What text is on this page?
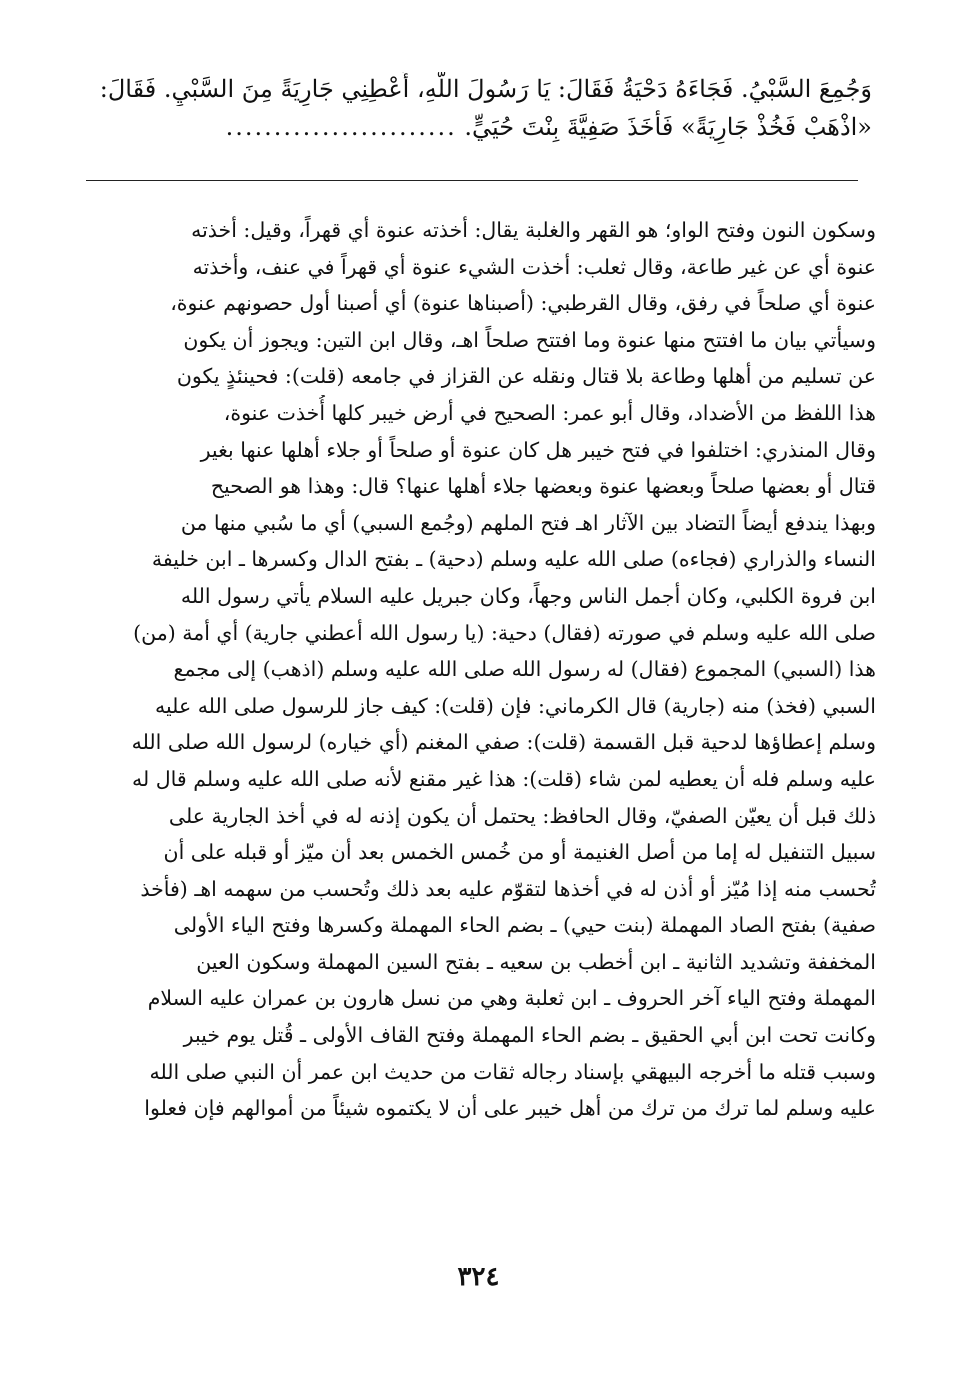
وَجُمِعَ السَّبْيُ. فَجَاءَهُ دَحْيَةُ فَقَالَ: يَا رَسُولَ اللَّهِ، أَعْطِنِي جَارِيَةً مِنَ السَّبْيِ. فَقَالَ:

«اذْهَبْ فَخُذْ جَارِيَةً» فَأَخَذَ صَفِيَّةَ بِنْتَ حُيَيٍّ. ........................

وسكون النون وفتح الواو؛ هو القهر والغلبة يقال: أخذته عنوة أي قهراً، وقيل: أخذته
عنوة أي عن غير طاعة، وقال ثعلب: أخذت الشيء عنوة أي قهراً في عنف، وأخذته
عنوة أي صلحاً في رفق، وقال القرطبي: (أصبناها عنوة) أي أصبنا أول حصونهم عنوة،
وسيأتي بيان ما افتتح منها عنوة وما افتتح صلحاً اهـ، وقال ابن التين: ويجوز أن يكون
عن تسليم من أهلها وطاعة بلا قتال ونقله عن القزاز في جامعه (قلت): فحينئذٍ يكون
هذا اللفظ من الأضداد، وقال أبو عمر: الصحيح في أرض خيبر كلها أُخذت عنوة،
وقال المنذري: اختلفوا في فتح خيبر هل كان عنوة أو صلحاً أو جلاء أهلها عنها بغير
قتال أو بعضها صلحاً وبعضها عنوة وبعضها جلاء أهلها عنها؟ قال: وهذا هو الصحيح
وبهذا يندفع أيضاً التضاد بين الآثار اهـ فتح الملهم (وجُمع السبي) أي ما سُبي منها من
النساء والذراري (فجاءه) صلى الله عليه وسلم (دحية) ـ بفتح الدال وكسرها ـ ابن خليفة
ابن فروة الكلبي، وكان أجمل الناس وجهاً، وكان جبريل عليه السلام يأتي رسول الله
صلى الله عليه وسلم في صورته (فقال) دحية: (يا رسول الله أعطني جارية) أي أمة (من)
هذا (السبي) المجموع (فقال) له رسول الله صلى الله عليه وسلم (اذهب) إلى مجمع
السبي (فخذ) منه (جارية) قال الكرماني: فإن (قلت): كيف جاز للرسول صلى الله عليه
وسلم إعطاؤها لدحية قبل القسمة (قلت): صفي المغنم (أي خياره) لرسول الله صلى الله
عليه وسلم فله أن يعطيه لمن شاء (قلت): هذا غير مقنع لأنه صلى الله عليه وسلم قال له
ذلك قبل أن يعيّن الصفيّ، وقال الحافظ: يحتمل أن يكون إذنه له في أخذ الجارية على
سبيل التنفيل له إما من أصل الغنيمة أو من خُمس الخمس بعد أن ميّز أو قبله على أن
تُحسب منه إذا مُيّز أو أذن له في أخذها لتقوّم عليه بعد ذلك وتُحسب من سهمه اهـ (فأخذ
صفية) بفتح الصاد المهملة (بنت حيي) ـ بضم الحاء المهملة وكسرها وفتح الياء الأولى
المخففة وتشديد الثانية ـ ابن أخطب بن سعيه ـ بفتح السين المهملة وسكون العين
المهملة وفتح الياء آخر الحروف ـ ابن ثعلبة وهي من نسل هارون بن عمران عليه السلام
وكانت تحت ابن أبي الحقيق ـ بضم الحاء المهملة وفتح القاف الأولى ـ قُتل يوم خيبر
وسبب قتله ما أخرجه البيهقي بإسناد رجاله ثقات من حديث ابن عمر أن النبي صلى الله
عليه وسلم لما ترك من ترك من أهل خيبر على أن لا يكتموه شيئاً من أموالهم فإن فعلوا
٣٢٤
